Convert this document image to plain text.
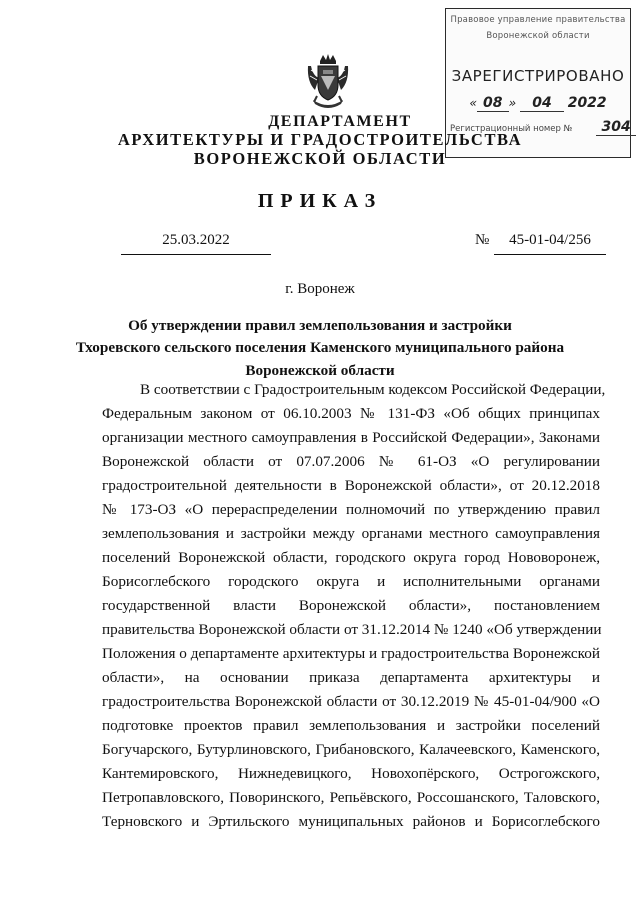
Правовое управление правительства
Воронежской области
ЗАРЕГИСТРИРОВАНО
« 08 » 04 2022
Регистрационный номер № 304
ДЕПАРТАМЕНТ
АРХИТЕКТУРЫ И ГРАДОСТРОИТЕЛЬСТВА
ВОРОНЕЖСКОЙ ОБЛАСТИ
ПРИКАЗ
25.03.2022	№	45-01-04/256
г. Воронеж
Об утверждении правил землепользования и застройки
Тхоревского сельского поселения Каменского муниципального района
Воронежской области
В соответствии с Градостроительным кодексом Российской Федерации,
Федеральным законом от 06.10.2003 № 131-ФЗ «Об общих принципах
организации местного самоуправления в Российской Федерации», Законами
Воронежской области от 07.07.2006 № 61-ОЗ «О регулировании
градостроительной деятельности в Воронежской области», от 20.12.2018
№ 173-ОЗ «О перераспределении полномочий по утверждению правил
землепользования и застройки между органами местного самоуправления
поселений Воронежской области, городского округа город Нововоронеж,
Борисоглебского городского округа и исполнительными органами
государственной власти Воронежской области», постановлением
правительства Воронежской области от 31.12.2014 № 1240 «Об утверждении
Положения о департаменте архитектуры и градостроительства Воронежской
области», на основании приказа департамента архитектуры и
градостроительства Воронежской области от 30.12.2019 № 45-01-04/900 «О
подготовке проектов правил землепользования и застройки поселений
Богучарского, Бутурлиновского, Грибановского, Калачеевского, Каменского,
Кантемировского, Нижнедевицкого, Новохопёрского, Острогожского,
Петропавловского, Поворинского, Репьёвского, Россошанского, Таловского,
Терновского и Эртильского муниципальных районов и Борисоглебского
